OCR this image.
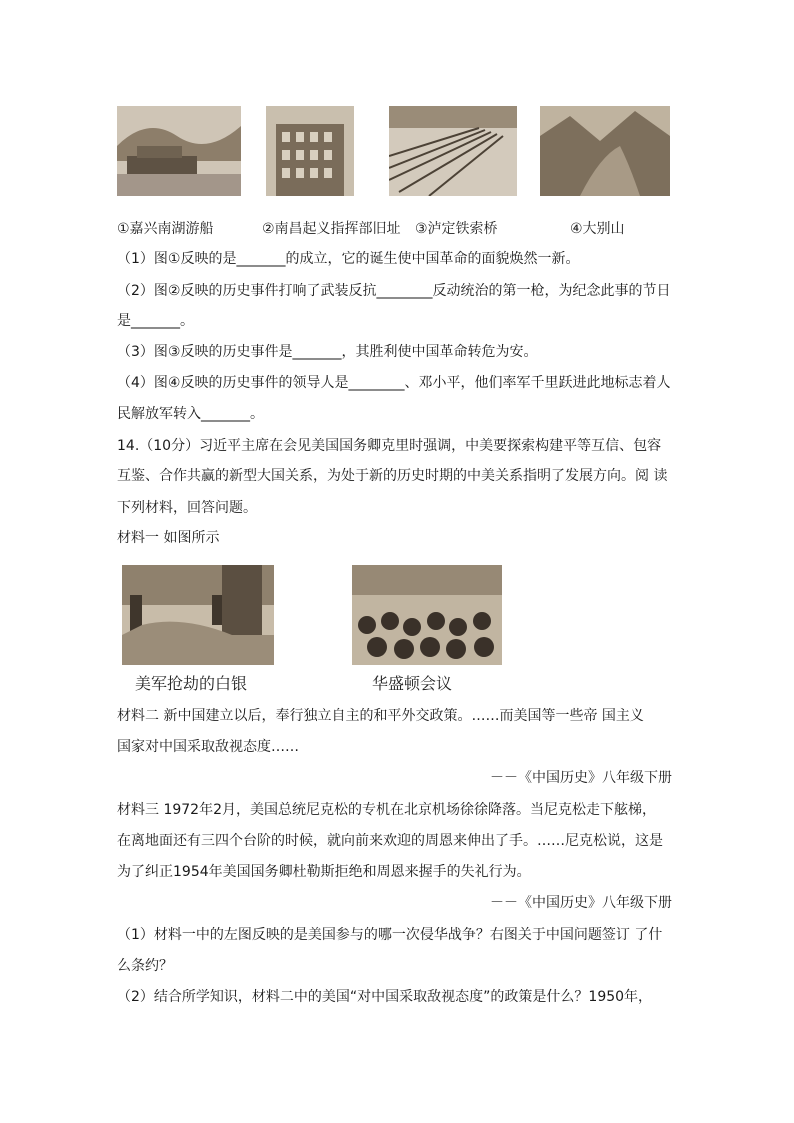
①嘉兴南湖游船	②南昌起义指挥部旧址 ③泸定铁索桥	④大别山
（1）图①反映的是_______的成立，它的诞生使中国革命的面貌焕然一新。
（2）图②反映的历史事件打响了武装反抗________反动统治的第一枪，为纪念此事的节日
是_______。
（3）图③反映的历史事件是_______，其胜利使中国革命转危为安。
（4）图④反映的历史事件的领导人是________、邓小平，他们率军千里跃进此地标志着人
民解放军转入_______。
14.（10分）习近平主席在会见美国国务卿克里时强调，中美要探索构建平等互信、包容
互鉴、合作共赢的新型大国关系，为处于新的历史时期的中美关系指明了发展方向。阅 读
下列材料，回答问题。
材料一 如图所示
美军抢劫的白银	华盛顿会议
材料二 新中国建立以后，奉行独立自主的和平外交政策。……而美国等一些帝 国主义
国家对中国采取敌视态度……
－－《中国历史》八年级下册
材料三 1972年2月，美国总统尼克松的专机在北京机场徐徐降落。当尼克松走下舷梯，
在离地面还有三四个台阶的时候，就向前来欢迎的周恩来伸出了手。……尼克松说，这是
为了纠正1954年美国国务卿杜勒斯拒绝和周恩来握手的失礼行为。
－－《中国历史》八年级下册
（1）材料一中的左图反映的是美国参与的哪一次侵华战争？右图关于中国问题签订 了什
么条约？
（2）结合所学知识，材料二中的美国“对中国采取敌视态度”的政策是什么？1950年，
